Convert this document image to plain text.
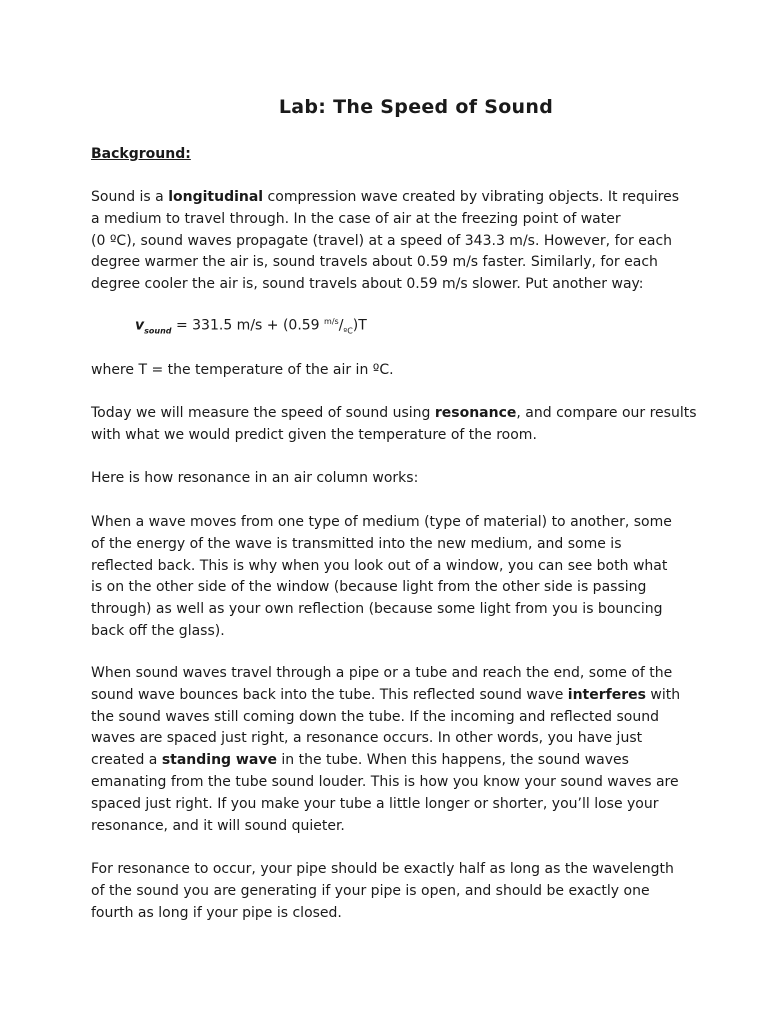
Lab: The Speed of Sound
Background:
Sound is a longitudinal compression wave created by vibrating objects. It requires
a medium to travel through. In the case of air at the freezing point of water
(0 ºC), sound waves propagate (travel) at a speed of 343.3 m/s. However, for each
degree warmer the air is, sound travels about 0.59 m/s faster. Similarly, for each
degree cooler the air is, sound travels about 0.59 m/s slower. Put another way:
$v_{sound} = 331.5$ m/s + (0.59 $^{m/s}/_{ºC})T$
where T = the temperature of the air in ºC.
Today we will measure the speed of sound using resonance, and compare our results
with what we would predict given the temperature of the room.
Here is how resonance in an air column works:
When a wave moves from one type of medium (type of material) to another, some
of the energy of the wave is transmitted into the new medium, and some is
reflected back. This is why when you look out of a window, you can see both what
is on the other side of the window (because light from the other side is passing
through) as well as your own reflection (because some light from you is bouncing
back off the glass).
When sound waves travel through a pipe or a tube and reach the end, some of the
sound wave bounces back into the tube. This reflected sound wave interferes with
the sound waves still coming down the tube. If the incoming and reflected sound
waves are spaced just right, a resonance occurs. In other words, you have just
created a standing wave in the tube. When this happens, the sound waves
emanating from the tube sound louder. This is how you know your sound waves are
spaced just right. If you make your tube a little longer or shorter, you’ll lose your
resonance, and it will sound quieter.
For resonance to occur, your pipe should be exactly half as long as the wavelength
of the sound you are generating if your pipe is open, and should be exactly one
fourth as long if your pipe is closed.
